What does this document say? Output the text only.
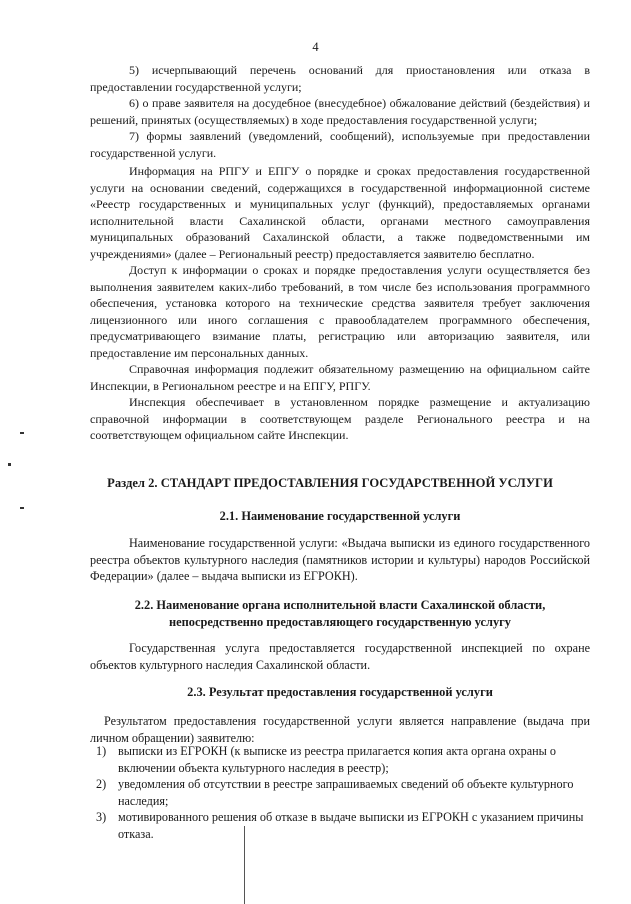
4

5) исчерпывающий перечень оснований для приостановления или отказа в предоставлении государственной услуги;

6) о праве заявителя на досудебное (внесудебное) обжалование действий (бездействия) и решений, принятых (осуществляемых) в ходе предоставления государственной услуги;

7) формы заявлений (уведомлений, сообщений), используемые при предоставлении государственной услуги.

Информация на РПГУ и ЕПГУ о порядке и сроках предоставления государственной услуги на основании сведений, содержащихся в государственной информационной системе «Реестр государственных и муниципальных услуг (функций), предоставляемых органами исполнительной власти Сахалинской области, органами местного самоуправления муниципальных образований Сахалинской области, а также подведомственными им учреждениями» (далее – Региональный реестр) предоставляется заявителю бесплатно.

Доступ к информации о сроках и порядке предоставления услуги осуществляется без выполнения заявителем каких-либо требований, в том числе без использования программного обеспечения, установка которого на технические средства заявителя требует заключения лицензионного или иного соглашения с правообладателем программного обеспечения, предусматривающего взимание платы, регистрацию или авторизацию заявителя, или предоставление им персональных данных.

Справочная информация подлежит обязательному размещению на официальном сайте Инспекции, в Региональном реестре и на ЕПГУ, РПГУ.

Инспекция обеспечивает в установленном порядке размещение и актуализацию справочной информации в соответствующем разделе Регионального реестра и на соответствующем официальном сайте Инспекции.

Раздел 2. СТАНДАРТ ПРЕДОСТАВЛЕНИЯ ГОСУДАРСТВЕННОЙ УСЛУГИ
2.1. Наименование государственной услуги
Наименование государственной услуги: «Выдача выписки из единого государственного реестра объектов культурного наследия (памятников истории и культуры) народов Российской Федерации» (далее – выдача выписки из ЕГРОКН).
2.2. Наименование органа исполнительной власти Сахалинской области,
непосредственно предоставляющего государственную услугу
Государственная услуга предоставляется государственной инспекцией по охране объектов культурного наследия Сахалинской области.
2.3. Результат предоставления государственной услуги
Результатом предоставления государственной услуги является направление (выдача при личном обращении) заявителю:
1) выписки из ЕГРОКН (к выписке из реестра прилагается копия акта органа охраны о включении объекта культурного наследия в реестр);
2) уведомления об отсутствии в реестре запрашиваемых сведений об объекте культурного наследия;
3) мотивированного решения об отказе в выдаче выписки из ЕГРОКН с указанием причины отказа.
